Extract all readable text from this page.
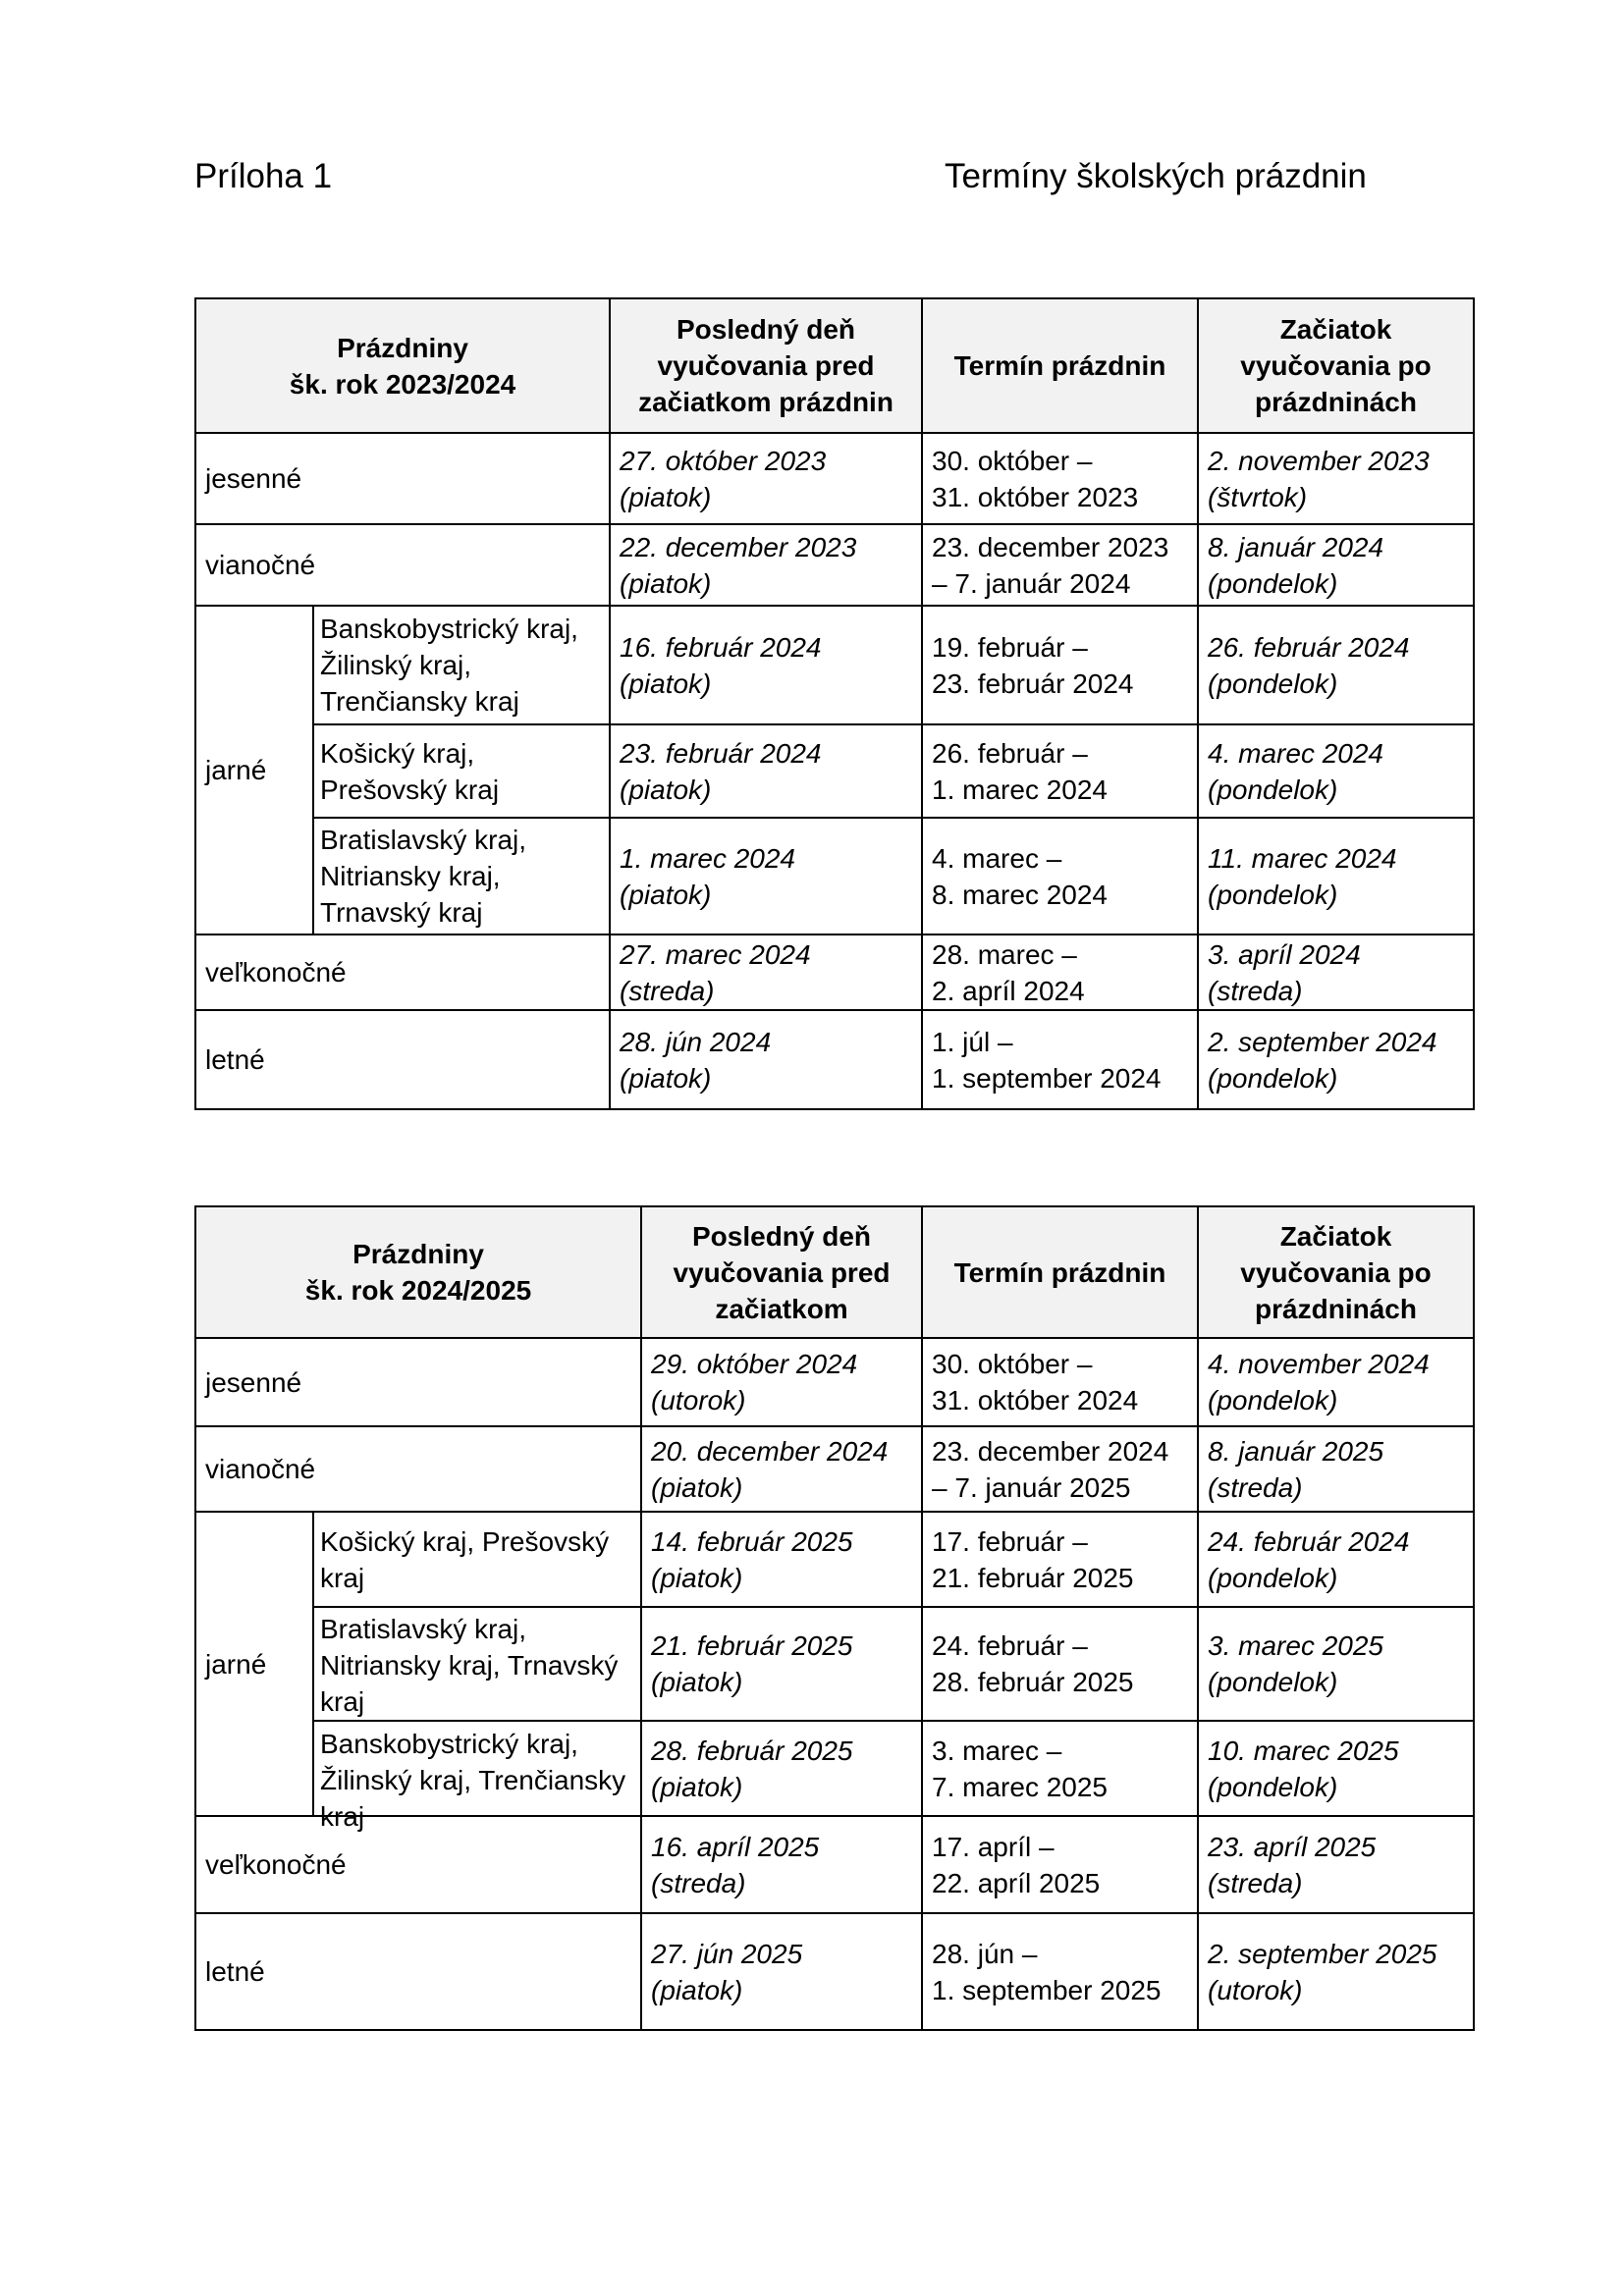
Príloha 1	Termíny školských prázdnin
Prázdniny
šk. rok 2023/2024		Posledný deň
vyučovania pred
začiatkom prázdnin	Termín prázdnin	Začiatok
vyučovania po
prázdninách

jesenné		27. október 2023
(piatok)	30. október –
31. október 2023	2. november 2023
(štvrtok)

vianočné		22. december 2023
(piatok)	23. december 2023
– 7. január 2024	8. január 2024
(pondelok)

jarné	Banskobystrický kraj,
Žilinský kraj,
Trenčiansky kraj	16. február 2024
(piatok)	19. február –
23. február 2024	26. február 2024
(pondelok)

	Košický kraj,
Prešovský kraj	23. február 2024
(piatok)	26. február –
1. marec 2024	4. marec 2024
(pondelok)

	Bratislavský kraj,
Nitriansky kraj,
Trnavský kraj	1. marec 2024
(piatok)	4. marec –
8. marec 2024	11. marec 2024
(pondelok)

veľkonočné		27. marec 2024
(streda)	28. marec –
2. apríl 2024	3. apríl 2024
(streda)

letné		28. jún 2024
(piatok)	1. júl –
1. september 2024	2. september 2024
(pondelok)
Prázdniny
šk. rok 2024/2025		Posledný deň
vyučovania pred
začiatkom	Termín prázdnin	Začiatok
vyučovania po
prázdninách

jesenné		29. október 2024
(utorok)	30. október –
31. október 2024	4. november 2024
(pondelok)

vianočné		20. december 2024
(piatok)	23. december 2024
– 7. január 2025	8. január 2025
(streda)

jarné	Košický kraj, Prešovský
kraj	14. február 2025
(piatok)	17. február –
21. február 2025	24. február 2024
(pondelok)

	Bratislavský kraj,
Nitriansky kraj, Trnavský
kraj	21. február 2025
(piatok)	24. február –
28. február 2025	3. marec 2025
(pondelok)

	Banskobystrický kraj,
Žilinský kraj, Trenčiansky
kraj	28. február 2025
(piatok)	3. marec –
7. marec 2025	10. marec 2025
(pondelok)

veľkonočné		16. apríl 2025
(streda)	17. apríl –
22. apríl 2025	23. apríl 2025
(streda)

letné		27. jún 2025
(piatok)	28. jún –
1. september 2025	2. september 2025
(utorok)
